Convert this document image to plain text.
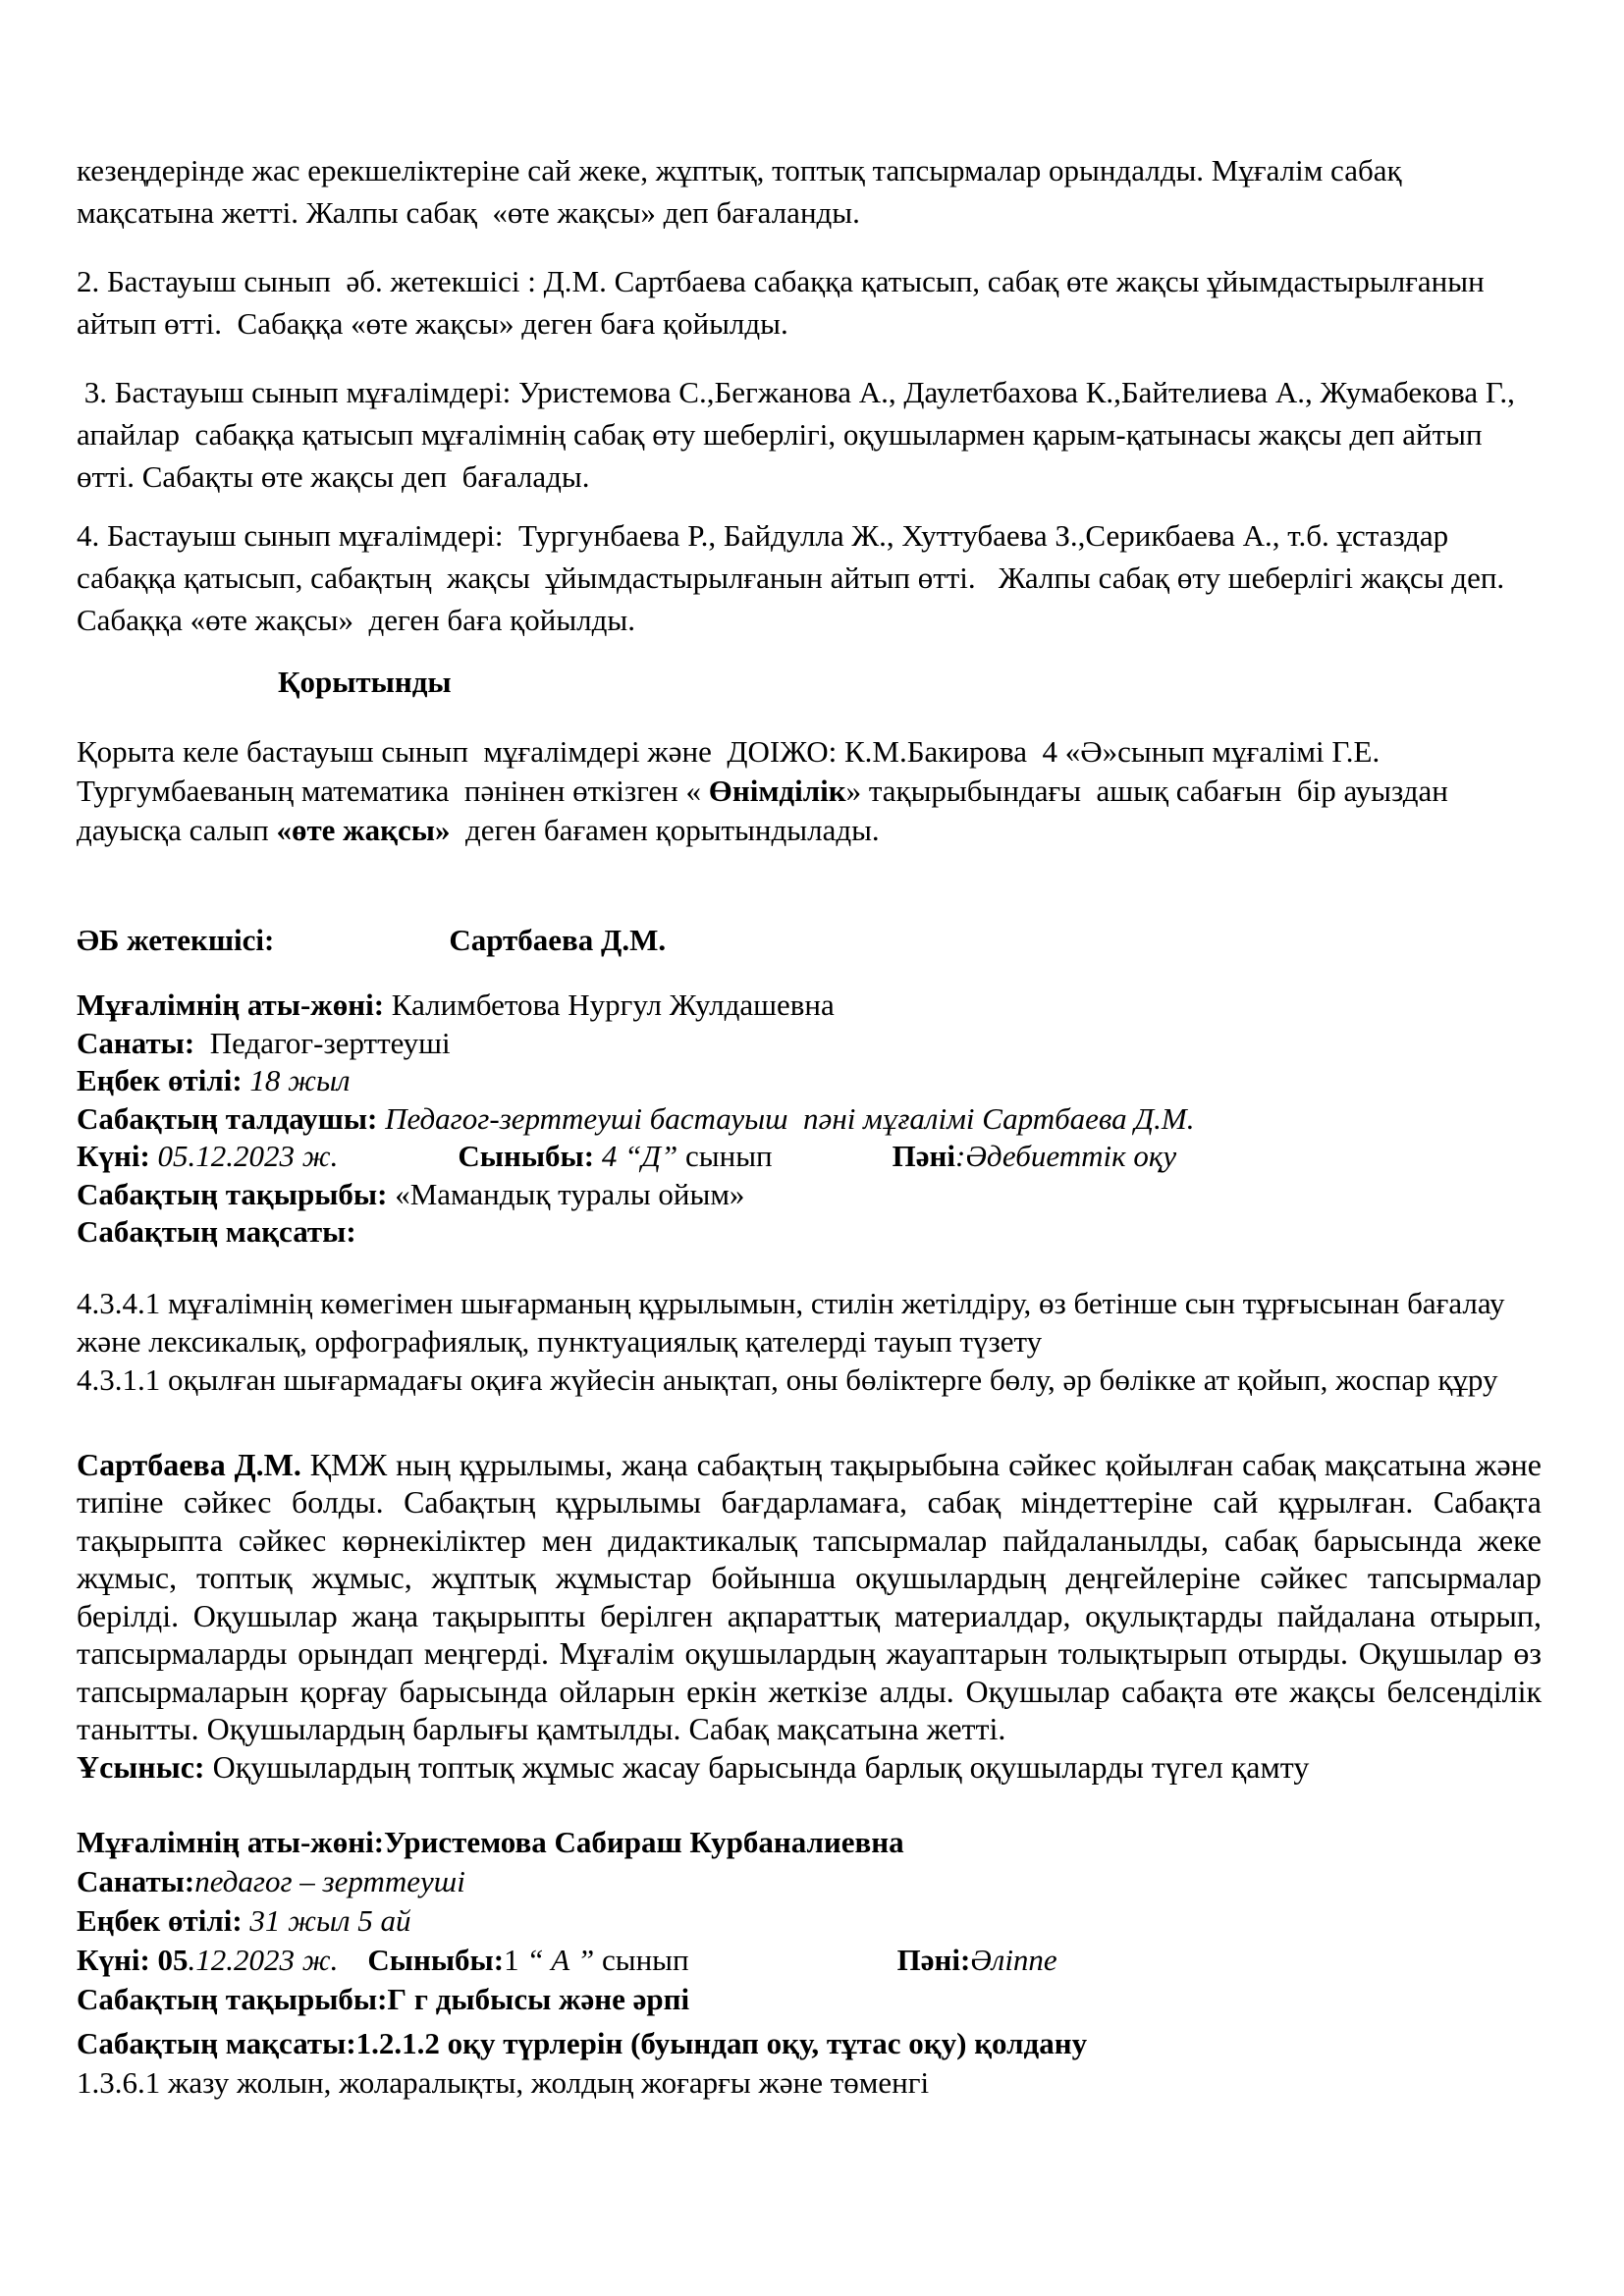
кезеңдерінде жас ерекшеліктеріне сай жеке, жұптық, топтық тапсырмалар орындалды. Мұғалім сабақ мақсатына жетті. Жалпы сабақ  «өте жақсы» деп бағаланды.

2. Бастауыш сынып  әб. жетекшісі : Д.М. Сартбаева сабаққа қатысып, сабақ өте жақсы ұйымдастырылғанын айтып өтті.  Сабаққа «өте жақсы» деген баға қойылды.

3. Бастауыш сынып мұғалімдері: Уристемова С.,Бегжанова А., Даулетбахова К.,Байтелиева А., Жумабекова Г., апайлар  сабаққа қатысып мұғалімнің сабақ өту шеберлігі, оқушылармен қарым-қатынасы жақсы деп айтып өтті. Сабақты өте жақсы деп  бағалады.

4. Бастауыш сынып мұғалімдері:  Тургунбаева Р., Байдулла Ж., Хуттубаева З.,Серикбаева А., т.б. ұстаздар сабаққа қатысып, сабақтың  жақсы  ұйымдастырылғанын айтып өтті.   Жалпы сабақ өту шеберлігі жақсы деп. Сабаққа «өте жақсы»  деген баға қойылды.

Қорытынды

Қорыта келе бастауыш сынып  мұғалімдері және  ДОІЖО: К.М.Бакирова  4 «Ә»сынып мұғалімі Г.Е. Тургумбаеваның математика  пәнінен өткізген « Өнімділік» тақырыбындағы  ашық сабағын  бір ауыздан дауысқа салып «өте жақсы»  деген бағамен қорытындылады.

ӘБ жетекшісі:	Сартбаева Д.М.
Мұғалімнің аты-жөні: Калимбетова Нургул Жулдашевна
Санаты:  Педагог-зерттеуші
Еңбек өтілі: 18 жыл
Сабақтың талдаушы: Педагог-зерттеуші бастауыш  пәні мұғалімі Сартбаева Д.М.
Күні: 05.12.2023 ж.	Сыныбы: 4 “Д” сынып	Пәні:Әдебиеттік оқу
Сабақтың тақырыбы: «Мамандық туралы ойым»
Сабақтың мақсаты:
4.3.4.1 мұғалімнің көмегімен шығарманың құрылымын, стилін жетілдіру, өз бетінше сын тұрғысынан бағалау және лексикалық, орфографиялық, пунктуациялық қателерді тауып түзету
4.3.1.1 оқылған шығармадағы оқиға жүйесін анықтап, оны бөліктерге бөлу, әр бөлікке ат қойып, жоспар құру
Сартбаева Д.М. ҚМЖ ның құрылымы, жаңа сабақтың тақырыбына сәйкес қойылған сабақ мақсатына және типіне сәйкес болды. Сабақтың құрылымы бағдарламаға, сабақ міндеттеріне сай құрылған. Сабақта тақырыпта сәйкес көрнекіліктер мен дидактикалық тапсырмалар пайдаланылды, сабақ барысында жеке жұмыс, топтық жұмыс, жұптық жұмыстар бойынша оқушылардың деңгейлеріне сәйкес тапсырмалар берілді. Оқушылар жаңа тақырыпты берілген ақпараттық материалдар, оқулықтарды пайдалана отырып, тапсырмаларды орындап меңгерді. Мұғалім оқушылардың жауаптарын толықтырып отырды. Оқушылар өз тапсырмаларын қорғау барысында ойларын еркін жеткізе алды. Оқушылар сабақта өте жақсы белсенділік танытты. Оқушылардың барлығы қамтылды. Сабақ мақсатына жетті.
Ұсыныс: Оқушылардың топтық жұмыс жасау барысында барлық оқушыларды түгел қамту
Мұғалімнің аты-жөні:Уристемова Сабираш Курбаналиевна
Санаты:педагог – зерттеуші
Еңбек өтілі: 31 жыл 5 ай
Күні: 05.12.2023 ж. Сыныбы:1 “ А ” сынып	Пәні:Әліппе
Сабақтың тақырыбы:Г г дыбысы және әрпі
Сабақтың мақсаты:1.2.1.2 оқу түрлерін (буындап оқу, тұтас оқу) қолдану
1.3.6.1 жазу жолын, жоларалықты, жолдың жоғарғы және төменгі
